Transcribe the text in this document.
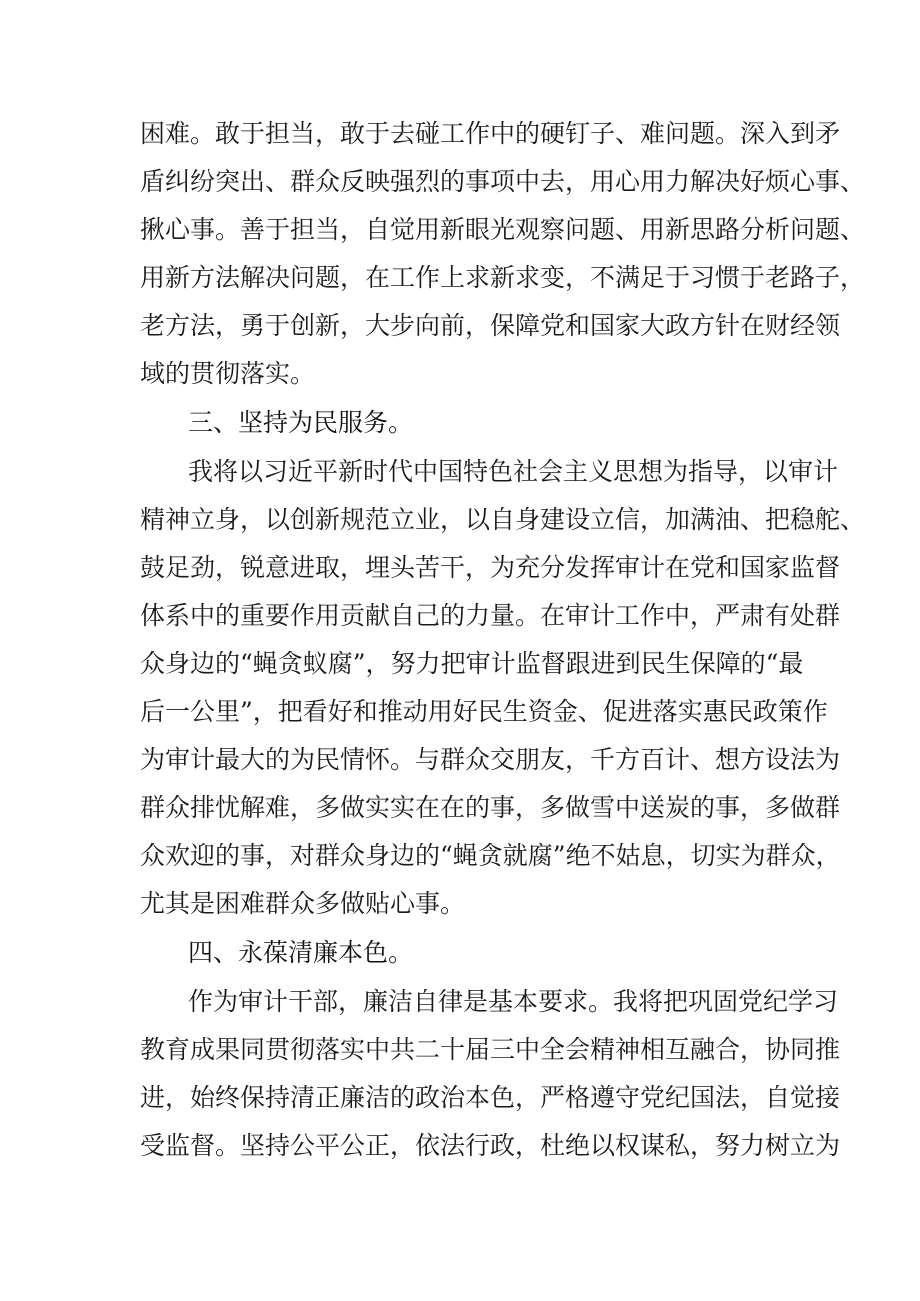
困难。敢于担当，敢于去碰工作中的硬钉子、难问题。深入到矛
盾纠纷突出、群众反映强烈的事项中去，用心用力解决好烦心事、
揪心事。善于担当，自觉用新眼光观察问题、用新思路分析问题、
用新方法解决问题，在工作上求新求变，不满足于习惯于老路子，
老方法，勇于创新，大步向前，保障党和国家大政方针在财经领
域的贯彻落实。
三、坚持为民服务。
我将以习近平新时代中国特色社会主义思想为指导，以审计
精神立身，以创新规范立业，以自身建设立信，加满油、把稳舵、
鼓足劲，锐意进取，埋头苦干，为充分发挥审计在党和国家监督
体系中的重要作用贡献自己的力量。在审计工作中，严肃有处群
众身边的“蝇贪蚁腐”，努力把审计监督跟进到民生保障的“最
后一公里”，把看好和推动用好民生资金、促进落实惠民政策作
为审计最大的为民情怀。与群众交朋友，千方百计、想方设法为
群众排忧解难，多做实实在在的事，多做雪中送炭的事，多做群
众欢迎的事，对群众身边的“蝇贪就腐”绝不姑息，切实为群众，
尤其是困难群众多做贴心事。
四、永葆清廉本色。
作为审计干部，廉洁自律是基本要求。我将把巩固党纪学习
教育成果同贯彻落实中共二十届三中全会精神相互融合，协同推
进，始终保持清正廉洁的政治本色，严格遵守党纪国法，自觉接
受监督。坚持公平公正，依法行政，杜绝以权谋私，努力树立为
